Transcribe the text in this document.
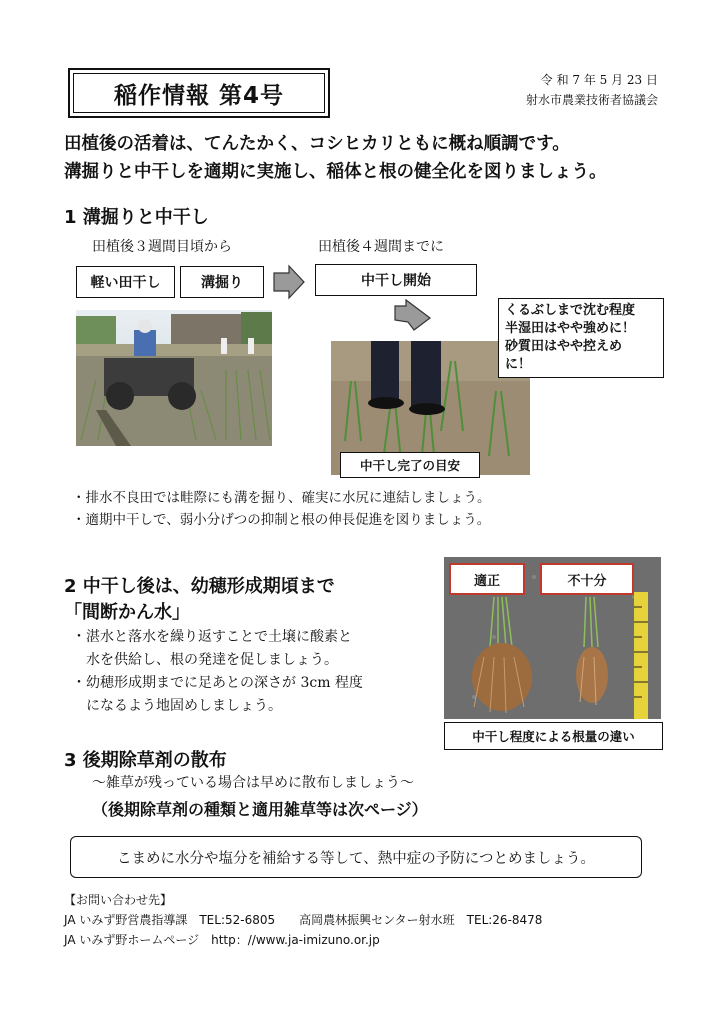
稲作情報 第4号
令 和 7 年 5 月 23 日
射水市農業技術者協議会
田植後の活着は、てんたかく、コシヒカリともに概ね順調です。
溝掘りと中干しを適期に実施し、稲体と根の健全化を図りましょう。
1 溝掘りと中干し
田植後３週間目頃から	田植後４週間までに
軽い田干し	溝掘り	中干し開始
中干し完了の目安
くるぶしまで沈む程度
半湿田はやや強めに！
砂質田はやや控えめ
に！
・排水不良田では畦際にも溝を掘り、確実に水尻に連結しましょう。
・適期中干しで、弱小分げつの抑制と根の伸長促進を図りましょう。
2 中干し後は、幼穂形成期頃まで
「間断かん水」
・湛水と落水を繰り返すことで土壌に酸素と
　水を供給し、根の発達を促しましょう。
・幼穂形成期までに足あとの深さが 3cm 程度
　になるよう地固めしましょう。
適正	不十分
中干し程度による根量の違い
3 後期除草剤の散布
～雑草が残っている場合は早めに散布しましょう～
（後期除草剤の種類と適用雑草等は次ページ）
こまめに水分や塩分を補給する等して、熱中症の予防につとめましょう。
【お問い合わせ先】
JA いみず野営農指導課　TEL:52-6805　　高岡農林振興センター射水班　TEL:26-8478
JA いみず野ホームページ　http：//www.ja-imizuno.or.jp
